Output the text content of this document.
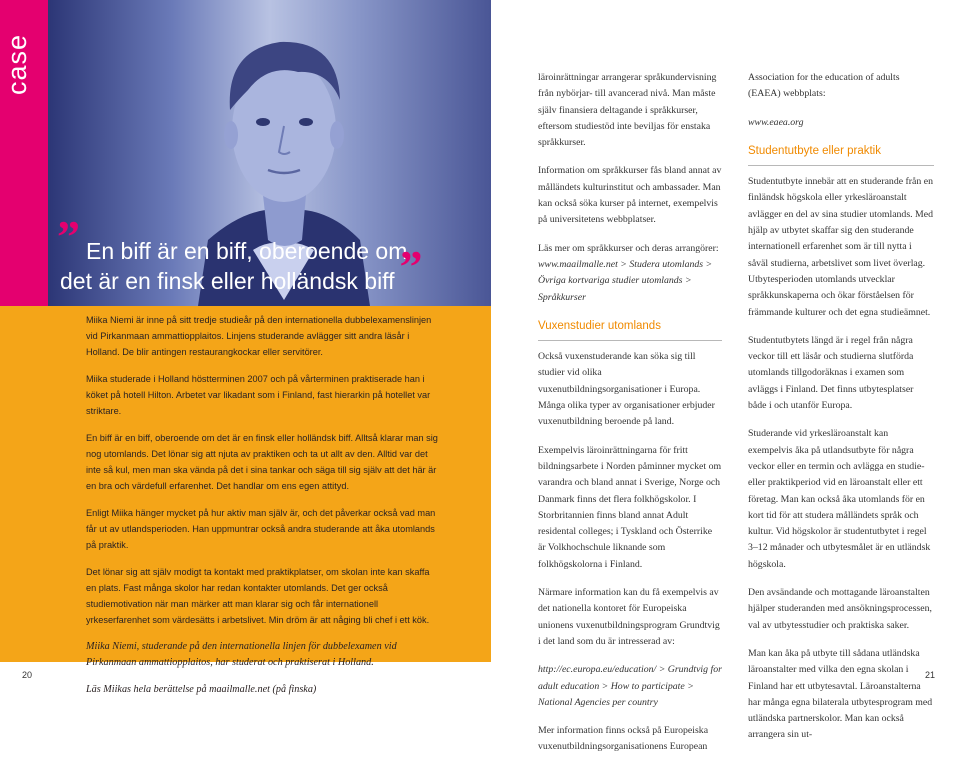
case
” En biff är en biff, oberoende om
det är en finsk eller holländsk biff ”

Miika Niemi är inne på sitt tredje studieår på den internationella dubbelexamenslinjen vid Pirkanmaan ammattiopplaitos. Linjens studerande avlägger sitt andra läsår i Holland. De blir antingen restaurangkockar eller servitörer.

Miika studerade i Holland höstterminen 2007 och på vårterminen praktiserade han i köket på hotell Hilton. Arbetet var likadant som i Finland, fast hierarkin på hotellet var striktare.

En biff är en biff, oberoende om det är en finsk eller holländsk biff. Alltså klarar man sig nog utomlands. Det lönar sig att njuta av praktiken och ta ut allt av den. Alltid var det inte så kul, men man ska vända på det i sina tankar och säga till sig själv att det här är en bra och värdefull erfarenhet. Det handlar om ens egen attityd.

Enligt Miika hänger mycket på hur aktiv man själv är, och det påverkar också vad man får ut av utlandsperioden. Han uppmuntrar också andra studerande att åka utomlands på praktik.

Det lönar sig att själv modigt ta kontakt med praktikplatser, om skolan inte kan skaffa en plats. Fast många skolor har redan kontakter utomlands. Det ger också studiemotivation när man märker att man klarar sig och får internationell yrkeserfarenhet som värdesätts i arbetslivet. Min dröm är att någing bli chef i ett kök.

Miika Niemi, studerande på den internationella linjen för dubbelexamen vid Pirkanmaan ammattiopplaitos, har studerat och praktiserat i Holland.

Läs Miikas hela berättelse på maailmalle.net (på finska)

20

läroinrättningar arrangerar språkundervisning från nybörjar- till avancerad nivå. Man måste själv finansiera deltagande i språkkurser, eftersom studiestöd inte beviljas för enstaka språkkurser.

Information om språkkurser fås bland annat av målländets kulturinstitut och ambassader. Man kan också söka kurser på internet, exempelvis på universitetens webbplatser.

Läs mer om språkkurser och deras arrangörer:

www.maailmalle.net > Studera utomlands > Övriga kortvariga studier utomlands > Språkkurser

Vuxenstudier utomlands

Också vuxenstuderande kan söka sig till studier vid olika vuxenutbildningsorganisationer i Europa. Många olika typer av organisationer erbjuder vuxenutbildning beroende på land.

Exempelvis läroinrättningarna för fritt bildningsarbete i Norden påminner mycket om varandra och bland annat i Sverige, Norge och Danmark finns det flera folkhögskolor. I Storbritannien finns bland annat Adult residental colleges; i Tyskland och Österrike är Volkhochschule liknande som folkhögskolorna i Finland.

Närmare information kan du få exempelvis av det nationella kontoret för Europeiska unionens vuxenutbildningsprogram Grundtvig i det land som du är intresserad av:

http://ec.europa.eu/education/ > Grundtvig for adult education > How to participate > National Agencies per country

Mer information finns också på Europeiska vuxenutbildningsorganisationens European

Association for the education of adults (EAEA) webbplats:

www.eaea.org

Studentutbyte eller praktik

Studentutbyte innebär att en studerande från en finländsk högskola eller yrkesläroanstalt avlägger en del av sina studier utomlands. Med hjälp av utbytet skaffar sig den studerande internationell erfarenhet som är till nytta i såväl studierna, arbetslivet som livet överlag. Utbytesperioden utomlands utvecklar språkkunskaperna och ökar förståelsen för främmande kulturer och det egna studieämnet.

Studentutbytets längd är i regel från några veckor till ett läsår och studierna slutförda utomlands tillgodoräknas i examen som avläggs i Finland. Det finns utbytesplatser både i och utanför Europa.

Studerande vid yrkesläroanstalt kan exempelvis åka på utlandsutbyte för några veckor eller en termin och avlägga en studie- eller praktikperiod vid en läroanstalt eller ett företag. Man kan också åka utomlands för en kort tid för att studera målländets språk och kultur. Vid högskolor är studentutbytet i regel 3–12 månader och utbytesmålet är en utländsk högskola.

Den avsändande och mottagande läroanstalten hjälper studeranden med ansökningsprocessen, val av utbytesstudier och praktiska saker.

Man kan åka på utbyte till sådana utländska läroanstalter med vilka den egna skolan i Finland har ett utbytesavtal. Läroanstalterna har många egna bilaterala utbytesprogram med utländska partnerskolor. Man kan också arrangera sin ut-

21
